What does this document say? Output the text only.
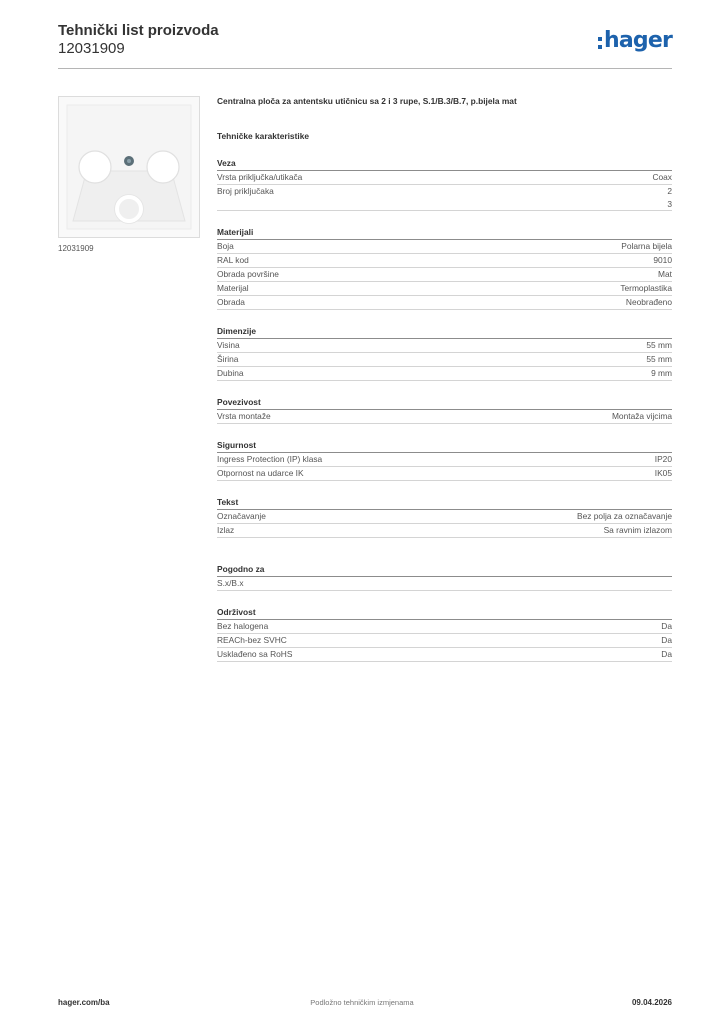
Tehnički list proizvoda
12031909	hager
12031909
Centralna ploča za antentsku utičnicu sa 2 i 3 rupe, S.1/B.3/B.7, p.bijela mat
Tehničke karakteristike
Veza
Vrsta priključka/utikača	Coax
Broj priključaka	2
3
Materijali
Boja	Polarna bijela
RAL kod	9010
Obrada površine	Mat
Materijal	Termoplastika
Obrada	Neobrađeno
Dimenzije
Visina	55 mm
Širina	55 mm
Dubina	9 mm
Povezivost
Vrsta montaže	Montaža vijcima
Sigurnost
Ingress Protection (IP) klasa	IP20
Otpornost na udarce IK	IK05
Tekst
Označavanje	Bez polja za označavanje
Izlaz	Sa ravnim izlazom
Pogodno za
S.x/B.x
Održivost
Bez halogena	Da
REACh-bez SVHC	Da
Usklađeno sa RoHS	Da
hager.com/ba	Podložno tehničkim izmjenama	09.04.2026
